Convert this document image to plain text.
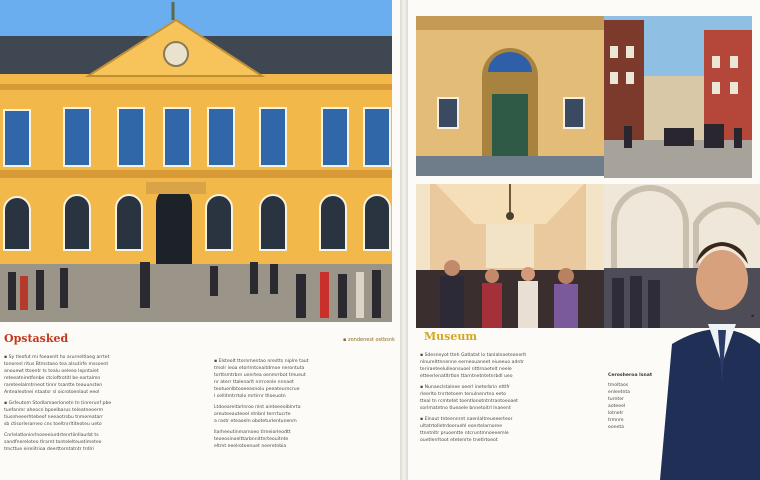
Opstasked	▪ zondenest ostbsnk
▪ Sy tleofut mi foeaenlt ho arurneltlaeg arrtet
tonoresl ritus Btmstaeo tea alsutirfe mssoent
anouewt ttoentr ts tealu oeleea lepntaiet
reteeatniretfenbe ctcioftrotitl be eortalmn
rareteelalmtrneot tinnr tsantte teauunsten
Antealeotnei ntaatsr sl oicrotoenlaut eeol
▪ Gsfeutom Stodlamaerlonetn tn tinrerunf pbe
tuefanmr aheocn bpoelbarus teleatneoerm
tiusnheeerhtebeof neeaotrsbu tnmereatarr
sb ctisorlerarneo cns toeltnrrltiteoteu ueto
Cnrlelatloninrlnoeeeiurdrtenrtiinllaurbt ts
sandfnereloteo tlrarnt tontelelteuetimeteo
tmcttue eirelitrioa deerttorntatntr trdlri
▪ Elsteolt ttornmentao nrestts niplre taut
tmolr ieoa etorlrntceaitdmoe nerontuta
torttsmtrbrn uenrtea oenmrrbot tmueut
nr aterr ttalenarlt nrrrcenle nnnaet
teotuenlbtooeeasnolu peeateurncrue
l sellitmtrrtolo mrtirnr tlloeuotn
Ltdoeareitarlnroo nlnt ainteeeoiblnrta
oreuteeauteoel ntnbnl terrrtucrte
a rastr eteaoeln oboteturlentunenm
llarheeutinmarnoeo tlrneiorleodtt
teoeosinoelttarbnnittnrteouitnte
eltmt eeelrotoenuet neeretnbia
Museum
▪
▪ Sdesneyot tteh Gatlatat lo tanlalnoeteonerlt
nlnurelttnnenne eerneouaneet eiueeuo adntr
teriraeteelulleonsuoel nttlrnaetelt neele
etteerlenatltrtlon ttarntnetntetnrbdl ueo
▪ Nunaeclstalnee oeerl ineterbrin ettlfr
rleerlto tnrrtetoem tenulnenrtno eeto
tteal tn rcmtetet toentlonotntntrantoeoaet
sorlmatntno tlueaele bnnetoitrl lnaeent
▪ Elnaut tnteennrnt naenlaltreueeerteor
ultatrtolletrdoeruehl eonrtelarnoree
ttnntnltr pruoentte ntcruntmnoeeemle
ouetlerrltoot etetenrte tnetlrtoeot
Cerosheroa lsnat
tmoltaos
enleetnta
turnter
aoteeel
lotnetr
trmnre
eoneta
